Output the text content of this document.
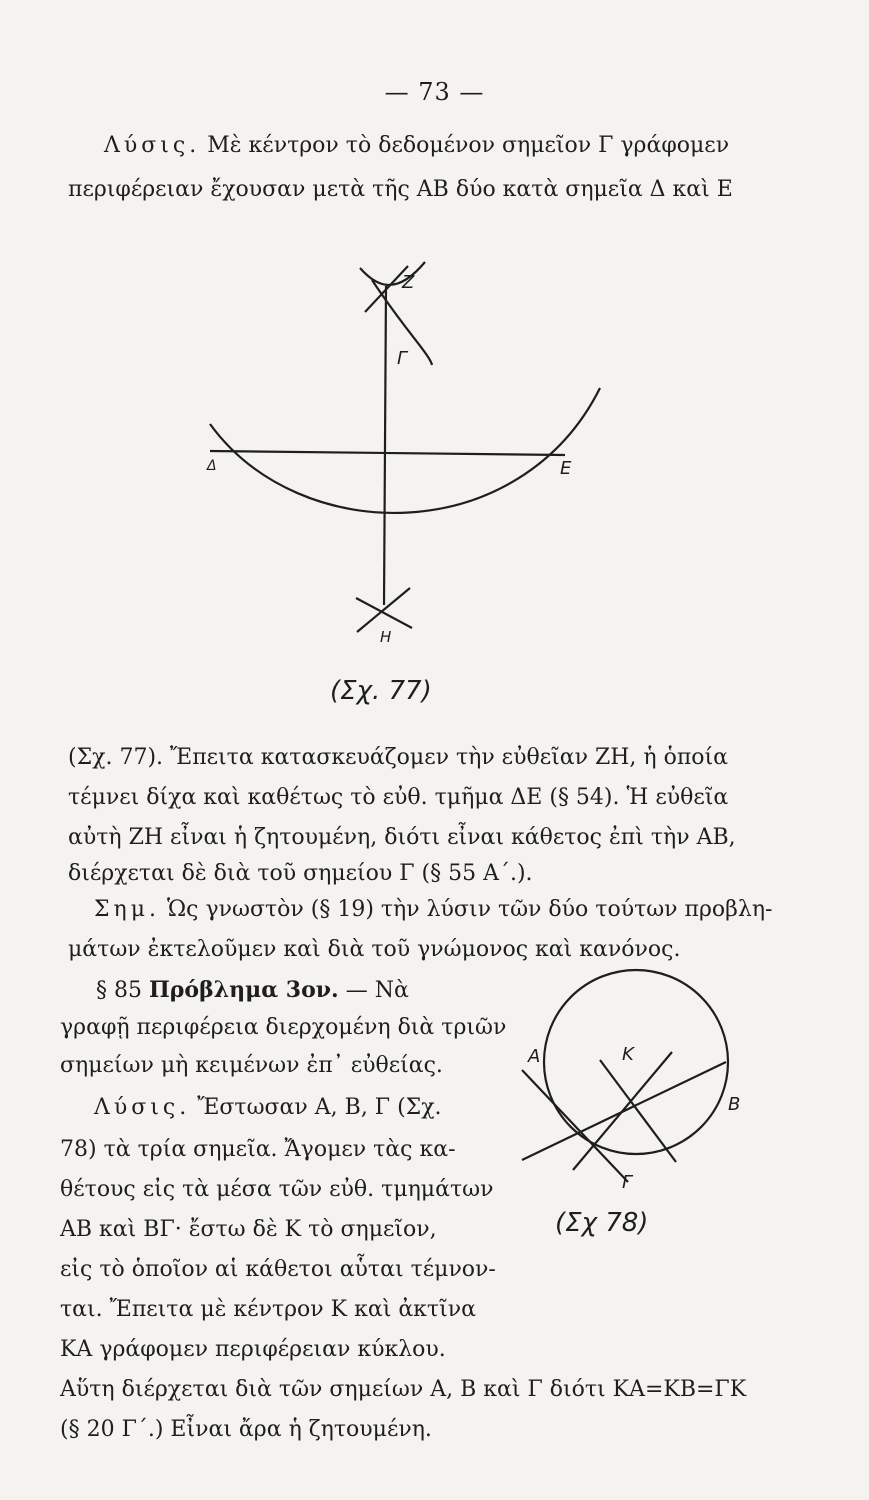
— 73 —
Λύσις. Μὲ κέντρον τὸ δεδομένον σημεῖον Γ γράφομεν
περιφέρειαν ἔχουσαν μετὰ τῆς ΑΒ δύο κατὰ σημεῖα Δ καὶ Ε
Ζ
Γ
Δ	Ε
Η
(Σχ. 77)
(Σχ. 77). Ἔπειτα κατασκευάζομεν τὴν εὐθεῖαν ΖΗ, ἡ ὁποία
τέμνει δίχα καὶ καθέτως τὸ εὐθ. τμῆμα ΔΕ (§ 54). Ἡ εὐθεῖα
αὐτὴ ΖΗ εἶναι ἡ ζητουμένη, διότι εἶναι κάθετος ἐπὶ τὴν ΑΒ,
διέρχεται δὲ διὰ τοῦ σημείου Γ (§ 55 Α΄.).
Σημ. Ὡς γνωστὸν (§ 19) τὴν λύσιν τῶν δύο τούτων προβλη-
μάτων ἐκτελοῦμεν καὶ διὰ τοῦ γνώμονος καὶ κανόνος.
§ 85 Πρόβλημα 3ον. — Νὰ
γραφῇ περιφέρεια διερχομένη διὰ τριῶν
σημείων μὴ κειμένων ἐπ᾽ εὐθείας.
Λύσις. Ἔστωσαν Α, Β, Γ (Σχ.
78) τὰ τρία σημεῖα. Ἄγομεν τὰς κα-
θέτους εἰς τὰ μέσα τῶν εὐθ. τμημάτων
ΑΒ καὶ ΒΓ· ἔστω δὲ Κ τὸ σημεῖον,
εἰς τὸ ὁποῖον αἱ κάθετοι αὗται τέμνον-
ται. Ἔπειτα μὲ κέντρον Κ καὶ ἀκτῖνα
ΚΑ γράφομεν περιφέρειαν κύκλου.
Αὕτη διέρχεται διὰ τῶν σημείων Α, Β καὶ Γ διότι ΚΑ=ΚΒ=ΓΚ
(§ 20 Γ΄.) Εἶναι ἄρα ἡ ζητουμένη.
Α	Κ
Β
Γ
(Σχ 78)
